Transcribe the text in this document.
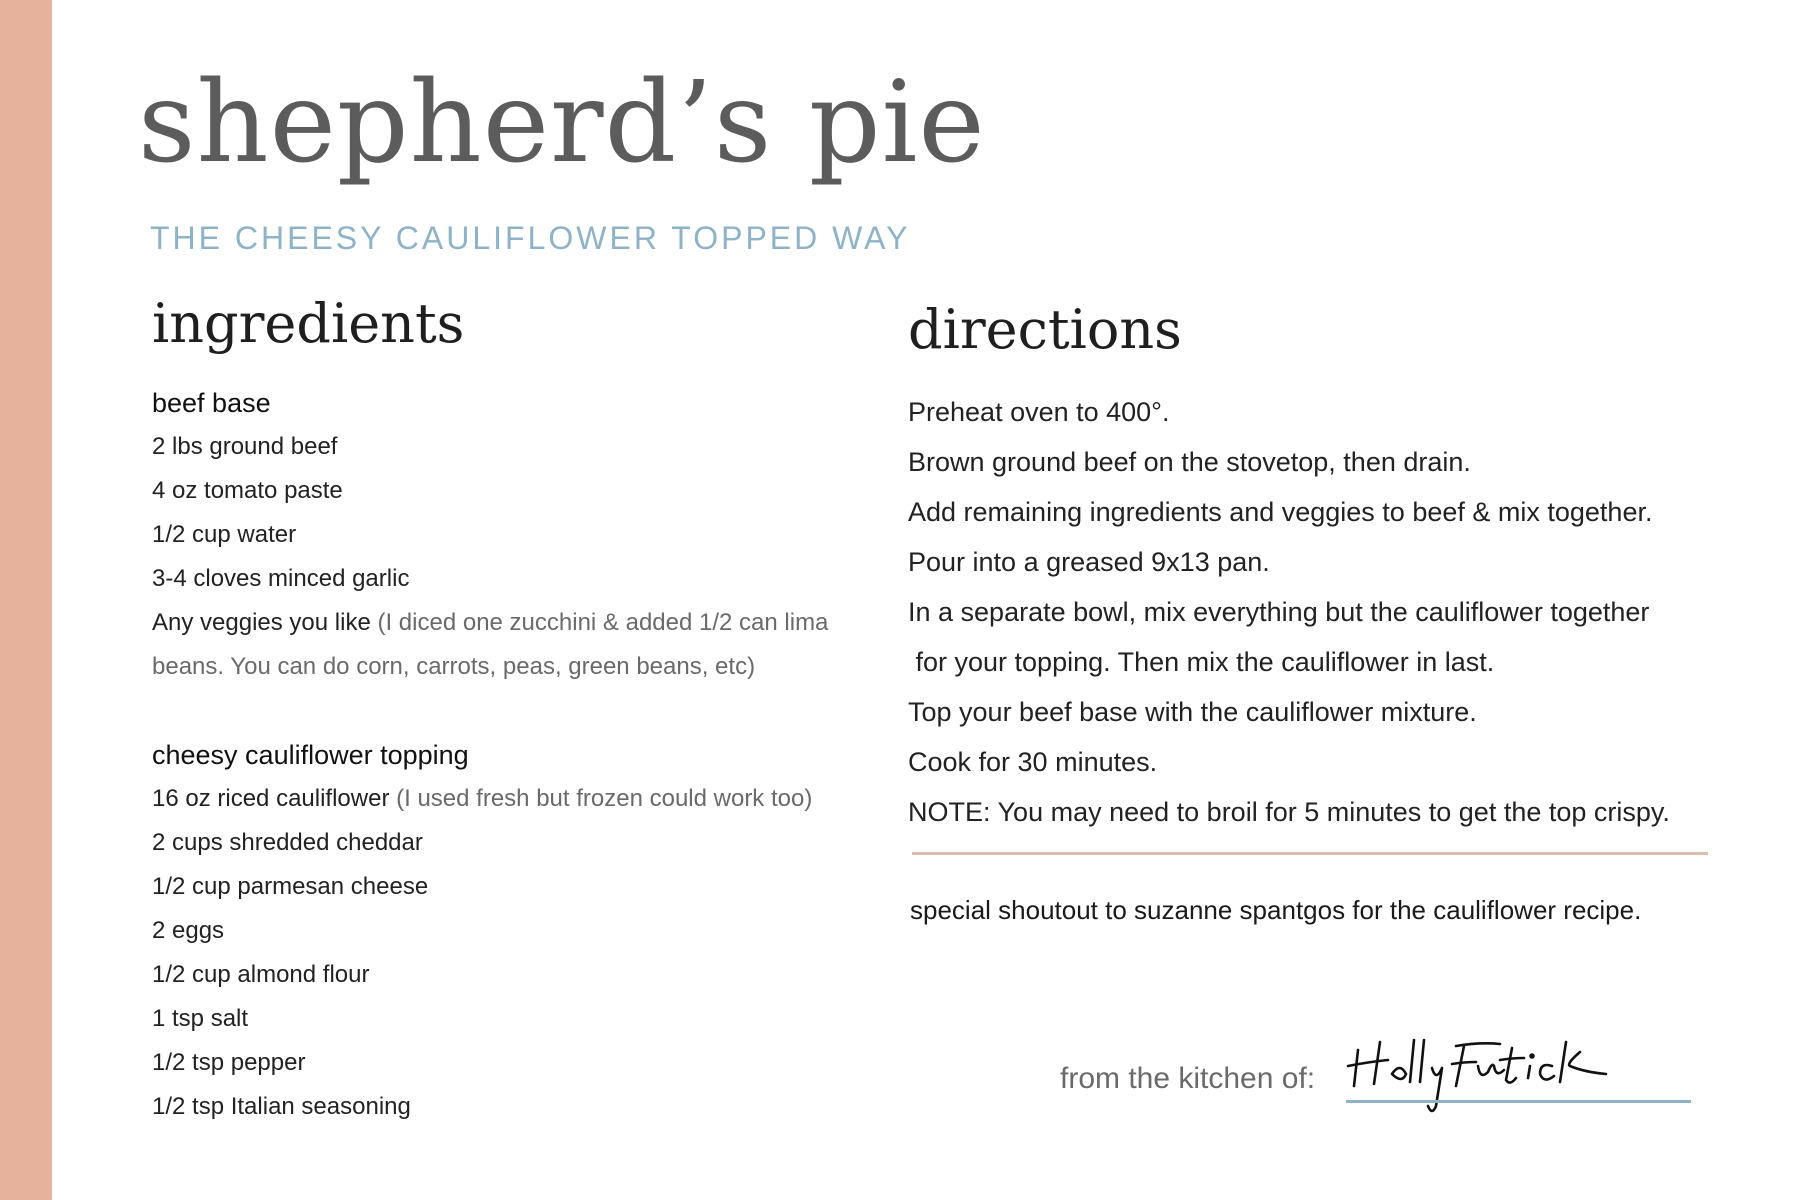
shepherd’s pie
THE CHEESY CAULIFLOWER TOPPED WAY
ingredients
beef base
2 lbs ground beef
4 oz tomato paste
1/2 cup water
3-4 cloves minced garlic
Any veggies you like (I diced one zucchini & added 1/2 can lima beans. You can do corn, carrots, peas, green beans, etc)
cheesy cauliflower topping
16 oz riced cauliflower (I used fresh but frozen could work too)
2 cups shredded cheddar
1/2 cup parmesan cheese
2 eggs
1/2 cup almond flour
1 tsp salt
1/2 tsp pepper
1/2 tsp Italian seasoning
directions
Preheat oven to 400°.
Brown ground beef on the stovetop, then drain.
Add remaining ingredients and veggies to beef & mix together.
Pour into a greased 9x13 pan.
In a separate bowl, mix everything but the cauliflower together
for your topping. Then mix the cauliflower in last.
Top your beef base with the cauliflower mixture.
Cook for 30 minutes.
NOTE: You may need to broil for 5 minutes to get the top crispy.
special shoutout to suzanne spantgos for the cauliflower recipe.
from the kitchen of:
